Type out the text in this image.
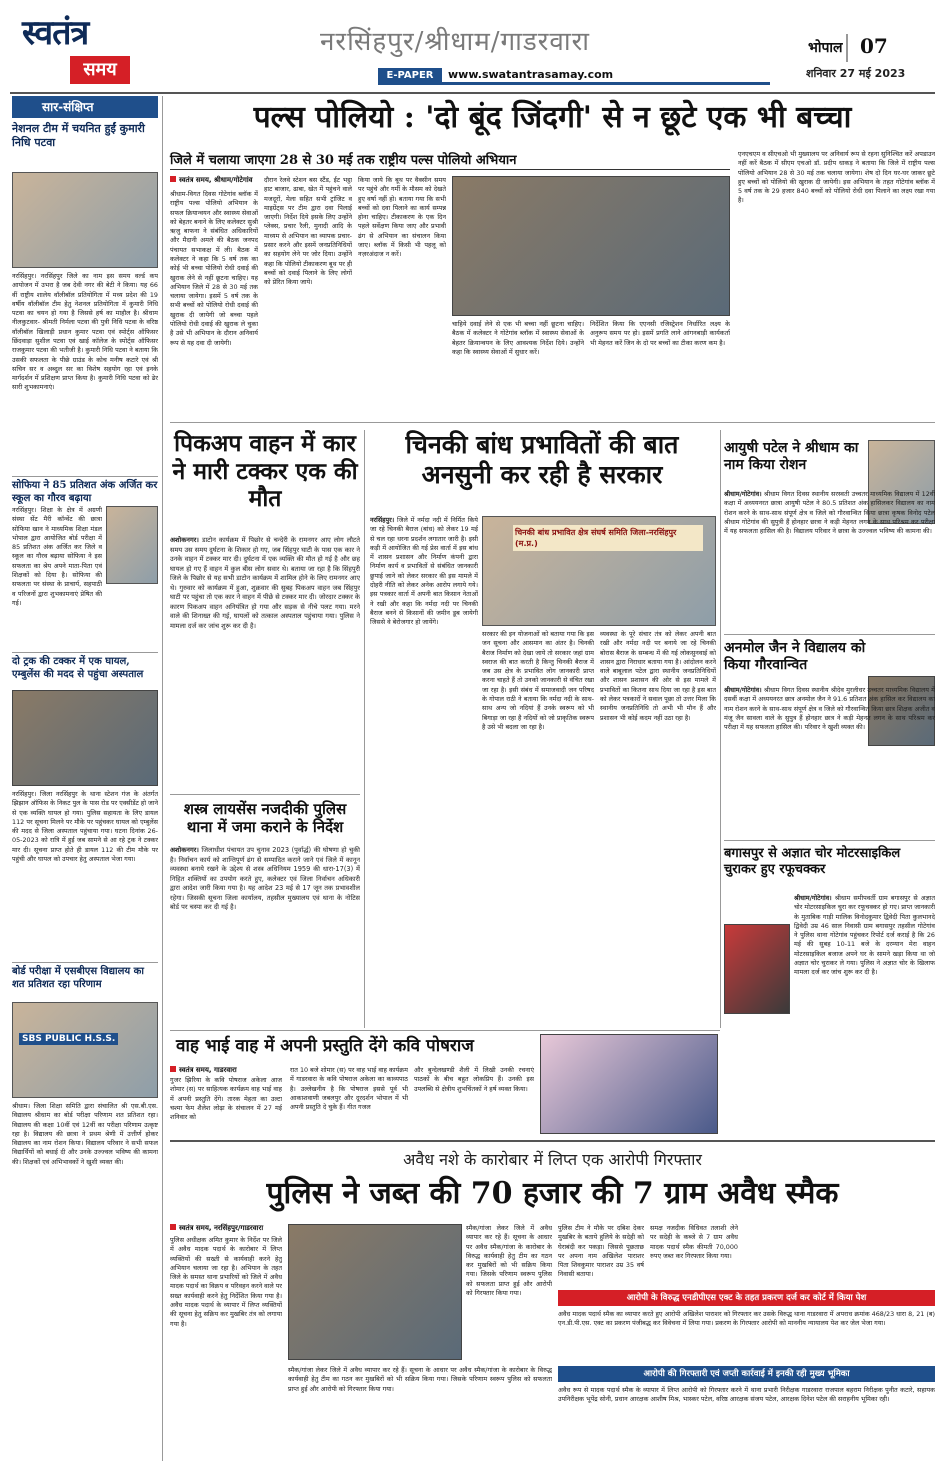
स्वतंत्र
समय
नरसिंहपुर/श्रीधाम/गाडरवारा
E-PAPER	www.swatantrasamay.com
भोपाल 07
शनिवार 27 मई 2023
सार-संक्षिप्त
नेशनल टीम में चयनित हुईं कुमारी निधि पटवा
नरसिंहपुर। नरसिंहपुर जिले का नाम इस समय वर्ल्ड कप आयोजन में उभरा है जब देवी नगर की बेटी ने किया। यह 66 वीं राष्ट्रीय शालेय वॉलीबॉल प्रतियोगिता में मध्य प्रदेश की 19 वर्षीय वॉलीबॉल टीम हेतु नेशनल प्रतियोगिता में कुमारी निधि पटवा का चयन हो गया है जिससे हर्ष का माहौल है। श्रीधाम नीलकुटवार- श्रीमती निर्मला पटवा की पुत्री निधि पटवा के वरिष्ठ वॉलीबॉल खिलाड़ी प्रधान कुमार पटवा एवं स्पोर्ट्स ऑफिसर छिंदवाड़ा सुशील पटवा एवं खाई कॉलेज के स्पोर्ट्स ऑफिसर राजकुमार पटवा की भतीजी है। कुमारी निधि पटवा ने बताया कि उसकी सफलता के पीछे ग्राउंड के कोच मनीष कटारे एवं श्री सचिन सर व अब्दुल सर का विशेष सहयोग रहा एवं इनके मार्गदर्शन में प्रशिक्षण प्राप्त किया है। कुमारी निधि पटवा को ढेर सारी शुभकामनाएं।
सोफिया ने 85 प्रतिशत अंक अर्जित कर स्कूल का गौरव बढ़ाया
नरसिंहपुर। शिक्षा के क्षेत्र में अग्रणी संस्था सेंट मैरी कॉन्वेंट की छात्रा सोफिया खान ने माध्यमिक शिक्षा मंडल भोपाल द्वारा आयोजित बोर्ड परीक्षा में 85 प्रतिशत अंक अर्जित कर जिले व स्कूल का गौरव बढ़ाया सोफिया ने इस सफलता का श्रेय अपने माता-पिता एवं शिक्षकों को दिया है। सोफिया की सफलता पर संस्था के प्राचार्य, सहपाठी व परिजनों द्वारा शुभकामनाएं प्रेषित की गई।
दो ट्रक की टक्कर में एक घायल, एम्बुलेंस की मदद से पहुंचा अस्पताल
नरसिंहपुर। जिला नरसिंहपुर के थाना स्टेशन गंज के अंतर्गत झिझान ऑफिस के निकट पुल के पास रोड पर एक्सीडेंट हो जाने से एक व्यक्ति घायल हो गया। पुलिस सहायता के लिए डायल 112 पर सूचना मिलने पर मौके पर पहुंचकर घायल को एम्बुलेंस की मदद से जिला अस्पताल पहुंचाया गया। घटना दिनांक 26-05-2023 को रात्रि में हुई जब सामने से आ रहे ट्रक ने टक्कर मार दी। सूचना प्राप्त होते ही डायल 112 की टीम मौके पर पहुंची और घायल को उपचार हेतु अस्पताल भेजा गया।
बोर्ड परीक्षा में एसबीएस विद्यालय का शत प्रतिशत रहा परिणाम
SBS PUBLIC H.S.S.
श्रीधाम। जिला शिक्षा समिति द्वारा संचालित श्री एस.बी.एस. विद्यालय श्रीधाम का बोर्ड परीक्षा परिणाम शत प्रतिशत रहा। विद्यालय की कक्षा 10वीं एवं 12वीं का परीक्षा परिणाम उत्कृष्ट रहा है। विद्यालय की छात्रा ने प्रथम श्रेणी में उत्तीर्ण होकर विद्यालय का नाम रोशन किया। विद्यालय परिवार ने सभी सफल विद्यार्थियों को बधाई दी और उनके उज्ज्वल भविष्य की कामना की। शिक्षकों एवं अभिभावकों ने खुशी व्यक्त की।
पल्स पोलियो : 'दो बूंद जिंदगी' से न छूटे एक भी बच्चा
जिले में चलाया जाएगा 28 से 30 मई तक राष्ट्रीय पल्स पोलियो अभियान
स्वतंत्र समय, श्रीधाम/गोटेगांव
श्रीधाम-विगत दिवस गोटेगांव ब्लॉक में राष्ट्रीय पल्स पोलियो अभियान के सफल क्रियान्वयन और स्वास्थ्य सेवाओं को बेहतर बनाने के लिए कलेक्टर सुश्री ऋजु बाफना ने संबंधित अधिकारियों और मैदानी अमले की बैठक जनपद पंचायत सभाकक्ष में ली। बैठक में कलेक्टर ने कहा कि 5 वर्ष तक का कोई भी बच्चा पोलियो रोधी दवाई की खुराक लेने से नहीं छूटना चाहिए। यह अभियान जिले में 28 से 30 मई तक चलाया जायेगा। इसमें 5 वर्ष तक के सभी बच्चों को पोलियो रोधी दवाई की खुराक दी जायेगी जो बच्चा पहले पोलियो रोधी दवाई की खुराक ले चुका है उसे भी अभियान के दौरान अनिवार्य रूप से यह दवा दी जायेगी।
दौरान रेलवे स्टेशन बस स्टैंड, ईंट भट्ठा हाट बाजार, ढाबा, खेत में पहुंचने वाले मजदूरों, मेला सहित सभी ट्रांजिट व माइग्रेंट्स पर टीम द्वारा दवा पिलाई जाएगी। निर्देश दिये इसके लिए उन्होंने प्लेक्स, प्रचार रैली, मुनादी आदि के माध्यम से अभियान का व्यापक प्रचार-प्रसार करने और इसमें जनप्रतिनिधियों का सहयोग लेने पर जोर दिया। उन्होंने कहा कि पोलियो टीकाकरण बूथ पर ही बच्चों को दवाई पिलाने के लिए लोगों को प्रेरित किया जाये।
किया जाये कि बूथ पर वैक्सीन समय पर पहुंचे और गर्मी के मौसम को देखते हुए वर्षा नहीं हो। बताया गया कि सभी बच्चों को दवा पिलाने का कार्य सम्पन्न होना चाहिए। टीकाकरण के एक दिन पहले सर्वेक्षण किया जाए और प्रभावी ढंग से अभियान का संचालन किया जाए। ब्लॉक में किसी भी पहलू को नज़रअंदाज न करें।
चाहिये दवाई लेने से एक भी बच्चा नहीं छूटना चाहिए। बैठक में कलेक्टर ने गोटेगांव ब्लॉक में स्वास्थ्य सेवाओं के बेहतर क्रियान्वयन के लिए आवश्यक निर्देश दिये। उन्होंने कहा कि स्वास्थ्य सेवाओं में सुधार करें।
निर्देशित किया कि एएनसी रजिस्ट्रेशन निर्धारित लक्ष्य के अनुरूप समय पर हो। इसमें प्रगति लाने आंगनबाड़ी कार्यकर्ता भी मेहनत करें जिन के दो पर बच्चों का टीका करण कम है।
एनएचएम व सीएचओ भी मुख्यालय पर अनिवार्य रूप से रहना सुनिश्चित करें अपडाउन नहीं करें बैठक में सीएम एचओ डॉ. प्रदीप धाकड़ ने बताया कि जिले में राष्ट्रीय पल्स पोलियो अभियान 28 से 30 मई तक चलाया जायेगा। शेष दो दिन घर-घर जाकर छूटे हुए बच्चों को पोलियो की खुराक दी जायेगी। इस अभियान के तहत गोटेगांव ब्लॉक में 5 वर्ष तक के 29 हजार 840 बच्चों को पोलियो रोधी दवा पिलाने का लक्ष्य रखा गया है।
पिकअप वाहन में कार ने मारी टक्कर एक की मौत
अशोकनगर। डाटोन कार्यक्रम में पिछोर से चन्देरी के रामनगर आए लोग लौटते समय उस समय दुर्घटना के शिकार हो गए, जब सिंहपुर घाटी के पास एक कार ने उनके वाहन में टक्कर मार दी। दुर्घटना में एक व्यक्ति की मौत हो गई है और छह घायल हो गए हैं वाहन में कुल बीस लोग सवार थे। बताया जा रहा है कि सिंहपुरी जिले के पिछोर से यह सभी डाटोन कार्यक्रम में शामिल होने के लिए रामनगर आए थे। गुरुवार को कार्यक्रम में हुआ, शुक्रवार की सुबह पिकअप वाहन जब सिंहपुर घाटी पर पहुंचा तो एक कार ने वाहन में पीछे से टक्कर मार दी। जोरदार टक्कर के कारण पिकअप वाहन अनियंत्रित हो गया और सड़क से नीचे पलट गया। मरने वाले की शिनाख्त की गई, घायलों को तत्काल अस्पताल पहुंचाया गया। पुलिस ने मामला दर्ज कर जांच शुरू कर दी है।
शस्त्र लायसेंस नजदीकी पुलिस थाना में जमा कराने के निर्देश
अशोकनगर। जिलाधीश पंचायत उप चुनाव 2023 (पूर्वार्द्ध) की घोषणा हो चुकी है। निर्वाचन कार्य को शान्तिपूर्ण ढंग से सम्पादित कराने जाने एवं जिले में कानून व्यवस्था बनाये रखने के उद्देश्य से शस्त्र अधिनियम 1959 की धारा-17(3) में निहित शक्तियों का उपयोग करते हुए, कलेक्टर एवं जिला निर्वाचन अधिकारी द्वारा आदेश जारी किया गया है। यह आदेश 23 मई से 17 जून तक प्रभावशील रहेगा। जिसकी सूचना जिला कार्यालय, तहसील मुख्यालय एवं थाना के नोटिस बोर्ड पर चस्पा कर दी गई है।
चिनकी बांध प्रभावितों की बात अनसुनी कर रही है सरकार
नरसिंहपुर। जिले में नर्मदा नदी में निर्मित किये जा रहे चिनकी बैराज (बांध) को लेकर 19 मई से चल रहा धरना प्रदर्शन लगातार जारी है। इसी कड़ी में आयोजित की गई प्रेस वार्ता में इस बांध में शासन प्रशासन और निर्माण कंपनी द्वारा निर्माण कार्य व प्रभावितों से संबंधित जानकारी छुपाई जाने को लेकर सरकार की इस मामले में दोहरी नीति को लेकर अनेक आरोप लगाये गये। इस पत्रकार वार्ता में अपनी बात किसान नेताओं ने रखी और कहा कि नर्मदा नदी पर चिनकी बैराज बनने से किसानों की जमीन डूब जायेगी जिससे वे बेरोजगार हो जायेंगे।
चिनकी बांध प्रभावित क्षेत्र संघर्ष समिति जिला-नरसिंहपुर (म.प्र.)
सरकार की इन योजनाओं को बताया गया कि इस जन सूचना और आसमान का अंतर है। चिनकी बैराज निर्माण को देखा जाये तो सरकार जहां ग्राम स्वराज की बात करती है किन्तु चिनकी बैराज में जब उस क्षेत्र के प्रभावित लोग जानकारी प्राप्त करना चाहते हैं तो उनको जानकारी से वंचित रखा जा रहा है। इसी संबंध में समाजवादी जन परिषद के गोपाल राठी ने बताया कि नर्मदा नदी के साथ-साथ अन्य जो नदियां हैं उनके स्वरूप को भी बिगाड़ा जा रहा है नदियों को जो प्राकृतिक स्वरूप है उसे भी बदला जा रहा है।
व्यवस्था के पूरे संचार तंत्र को लेकर अपनी बात रखी और नर्मदा नदी पर बनाये जा रहे चिनकी बोरास बैराज के सम्बन्ध में की गई लोकसुनवाई को शासन द्वारा निराधार बताया गया है। आंदोलन करने वाले बाबूलाल पटेल द्वारा स्थानीय जनप्रतिनिधियों और शासन प्रशासन की ओर से इस मामले में प्रभावितों का कितना साथ दिया जा रहा है इस बात को लेकर पत्रकारों ने सवाल पूछा तो उत्तर मिला कि स्थानीय जनप्रतिनिधि तो अभी भी मौन हैं और प्रशासन भी कोई कदम नहीं उठा रहा है।
आयुषी पटेल ने श्रीधाम का नाम किया रोशन
श्रीधाम/गोटेगांव। श्रीधाम विगत दिवस स्थानीय सरस्वती उच्चतर माध्यमिक विद्यालय में 12वीं कक्षा में अध्ययनरत छात्रा आयुषी पटेल ने 80.5 प्रतिशत अंक हासिलकर विद्यालय का नाम रोशन करने के साथ-साथ संपूर्ण क्षेत्र व जिले को गौरवान्वित किया छात्रा कृषक विनोद पटेल श्रीधाम गोटेगांव की सुपुत्री हैं होनहार छात्रा ने कड़ी मेहनत लगन के साथ परिश्रम कर परीक्षा में यह सफलता हासिल की है। विद्यालय परिवार ने छात्रा के उज्ज्वल भविष्य की कामना की।
अनमोल जैन ने विद्यालय को किया गौरवान्वित
श्रीधाम/गोटेगांव। श्रीधाम विगत दिवस स्थानीय श्रीदेव मुरलीधर उच्चतर माध्यमिक विद्यालय में दसवीं कक्षा में अध्ययनरत छात्र अनमोल जैन ने 91.6 प्रतिशत अंक हासिल कर विद्यालय का नाम रोशन करने के साथ-साथ संपूर्ण क्षेत्र व जिले को गौरवान्वित किया छात्र शिक्षक अजीत व मंजू जैन सावला वाले के सुपुत्र हैं होनहार छात्र ने कड़ी मेहनत लगन के साथ परिश्रम कर परीक्षा में यह सफलता हासिल की। परिवार ने खुशी व्यक्त की।
बगासपुर से अज्ञात चोर मोटरसाइकिल चुराकर हुए रफूचक्कर
श्रीधाम/गोटेगांव। श्रीधाम समीपवर्ती ग्राम बगासपुर से अज्ञात चोर मोटरसाइकिल चुरा कर रफूचक्कर हो गए। प्राप्त जानकारी के मुताबिक गाड़ी मालिक विनोदकुमार द्विवेदी पिता कुलभानदे द्विवेदी उम्र 46 साल निवासी ग्राम बगासपुर तहसील गोटेगांव ने पुलिस थाना गोटेगांव पहुंचकर रिपोर्ट दर्ज कराई है कि 26 मई की सुबह 10-11 बजे के दरम्यान मेरा वाहन मोटरसाइकिल बजाज अपने घर के सामने खड़ा किया था जो अज्ञात चोर चुराकर ले गया। पुलिस ने अज्ञात चोर के खिलाफ मामला दर्ज कर जांच शुरू कर दी है।
वाह भाई वाह में अपनी प्रस्तुति देंगे कवि पोषराज
स्वतंत्र समय, गाडरवारा
गुजर झिरिया के कवि पोषराज अकेला आज शोमार (स) पर साहित्यक कार्यक्रम वाह भाई वाह में अपनी प्रस्तुति देंगे। तारक मेहता का उल्टा चश्मा फेम शैलेश लोढ़ा के संचालन में 27 मई शनिवार को
रात 10 बजे शोमार (स) पर वाह भाई वाह कार्यक्रम में गाडरवारा के कवि पोषराज अकेला का काव्यपाठ है। उल्लेखनीय है कि पोषराज इससे पूर्व भी आकाशवाणी जबलपुर और दूरदर्शन भोपाल में भी अपनी प्रस्तुति दे चुके हैं। गीत गजल
और बुन्देलखण्डी शैली में लिखी उनकी रचनाएं पाठकों के बीच बहुत लोकप्रिय हैं। उनकी इस उपलब्धि से क्षेत्रीय शुभचिंतकों ने हर्ष व्यक्त किया।
अवैध नशे के कारोबार में लिप्त एक आरोपी गिरफ्तार
पुलिस ने जब्त की 70 हजार की 7 ग्राम अवैध स्मैक
स्वतंत्र समय, नरसिंहपुर/गाडरवारा
पुलिस अधीक्षक अमित कुमार के निर्देश पर जिले में अवैध मादक पदार्थ के कारोबार में लिप्त व्यक्तियों की सख्ती से कार्यवाही करने हेतु अभियान चलाया जा रहा है। अभियान के तहत जिले के समस्त थाना प्रभारियों को जिले में अवैध मादक पदार्थ का विक्रय व परिवहन करने वाले पर सख्त कार्यवाही करने हेतु निर्देशित किया गया है। अवैध मादक पदार्थ के व्यापार में लिप्त व्यक्तियों की सूचना हेतु सक्रिय कर मुखबिर तंत्र को लगाया गया है।
स्मैक/गांजा लेकर जिले में अवैध व्यापार कर रहे हैं। सूचना के आधार पर अवैध स्मैक/गांजा के कारोबार के विरुद्ध कार्यवाही हेतु टीम का गठन कर मुखबिरों को भी सक्रिय किया गया। जिसके परिणाम स्वरूप पुलिस को सफलता प्राप्त हुई और आरोपी को गिरफ्तार किया गया।
पुलिस टीम ने मौके पर दबिश देकर मुखबिर के बताये हुलिये के सदेही को घेराबंदी कर पकड़ा। जिससे पूछताछ पर अपना नाम अखिलेश पाराशर पिता शिवकुमार पाराशर उम्र 35 वर्ष निवासी बताया।
समक्ष नजदीक विधिवत तलाशी लेने पर सदेही के कब्जे से 7 ग्राम अवैध मादक पदार्थ स्मैक कीमती 70,000 रुपए जब्त कर गिरफ्तार किया गया।
आरोपी के विरुद्ध एनडीपीएस एक्ट के तहत प्रकरण दर्ज कर कोर्ट में किया पेश
अवैध मादक पदार्थ स्मैक का व्यापार करते हुए आरोपी अखिलेश पाराशर को गिरफ्तार कर उसके विरुद्ध थाना गाडरवारा में अपराध क्रमांक 468/23 धारा 8, 21 (ब) एन.डी.पी.एस. एक्ट का प्रकरण पंजीबद्ध कर विवेचना में लिया गया। प्रकरण के गिरफ्तार आरोपी को माननीय न्यायालय पेश कर जेल भेजा गया।
आरोपी की गिरफ्तारी एवं जप्ती कार्रवाई में इनकी रही मुख्य भूमिका
अवैध रूप से मादक पदार्थ स्मैक के व्यापार में लिप्त आरोपी को गिरफ्तार करने में थाना प्रभारी निरीक्षक गाडरवारा राजपाल बहराम निरीक्षक पुनीत कटारे, सहायक उपनिरीक्षक भूपेंद्र सोनी, प्रधान आरक्षक आशीष मिश्र, भास्कर पटेल, वरिष्ठ आरक्षक संजय पटेल, आरक्षक दिनेश पटेल की सराहनीय भूमिका रही।
स्मैक/गांजा लेकर जिले में अवैध व्यापार कर रहे हैं। सूचना के आधार पर अवैध स्मैक/गांजा के कारोबार के विरुद्ध कार्यवाही हेतु टीम का गठन कर मुखबिरों को भी सक्रिय किया गया। जिसके परिणाम स्वरूप पुलिस को सफलता प्राप्त हुई और आरोपी को गिरफ्तार किया गया।
